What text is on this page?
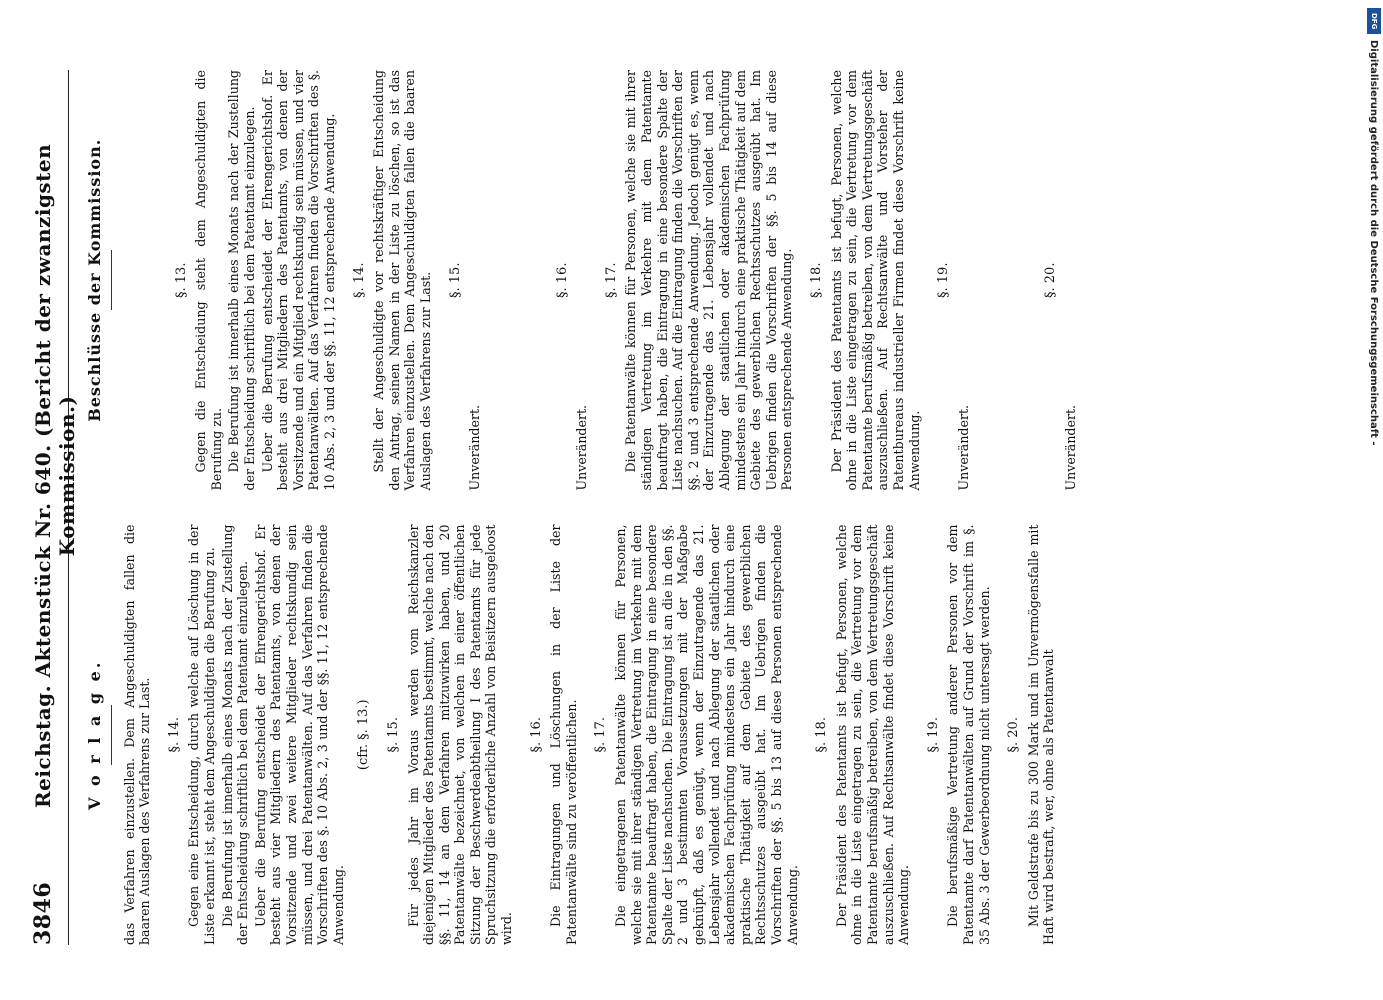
3846
Reichstag. Aktenstück Nr. 640. (Bericht der zwanzigsten Kommission.)
V o r l a g e. das Verfahren einzustellen. Dem Angeschuldigten fallen die baaren Auslagen des Verfahrens zur Last. §. 14. Gegen eine Entscheidung, durch welche auf Löschung in der Liste erkannt ist, steht dem Angeschuldigten die Berufung zu. Die Berufung ist innerhalb eines Monats nach der Zustellung der Entscheidung schriftlich bei dem Patentamt einzulegen. Ueber die Berufung entscheidet der Ehrengerichtshof. Er besteht aus vier Mitgliedern des Patentamts, von denen der Vorsitzende und zwei weitere Mitglieder rechtskundig sein müssen, und drei Patentanwälten. Auf das Verfahren finden die Vorschriften des §. 10 Abs. 2, 3 und der §§. 11, 12 entsprechende Anwendung.

(cfr. §. 13.) §. 15. Für jedes Jahr im Voraus werden vom Reichskanzler diejenigen Mitglieder des Patentamts bestimmt, welche nach den §§. 11, 14 an dem Verfahren mitzuwirken haben, und 20 Patentanwälte bezeichnet, von welchen in einer öffentlichen Sitzung der Beschwerdeabtheilung I des Patentamts für jede Spruchsitzung die erforderliche Anzahl von Beisitzern ausgeloost wird.

§. 16. Die Eintragungen und Löschungen in der Liste der Patentanwälte sind zu veröffentlichen. §. 17. Die eingetragenen Patentanwälte können für Personen, welche sie mit ihrer ständigen Vertretung im Verkehre mit dem Patentamte beauftragt haben, die Eintragung in eine besondere Spalte der Liste nachsuchen. Die Eintragung ist an die in den §§. 2 und 3 bestimmten Voraussetzungen mit der Maßgabe geknüpft, daß es genügt, wenn der Einzutragende das 21. Lebensjahr vollendet und nach Ablegung der staatlichen oder akademischen Fachprüfung mindestens ein Jahr hindurch eine praktische Thätigkeit auf dem Gebiete des gewerblichen Rechtsschutzes ausgeübt hat. Im Uebrigen finden die Vorschriften der §§. 5 bis 13 auf diese Personen entsprechende Anwendung.

§. 18. Der Präsident des Patentamts ist befugt, Personen, welche ohne in die Liste eingetragen zu sein, die Vertretung vor dem Patentamte berufsmäßig betreiben, von dem Vertretungsgeschäft auszuschließen. Auf Rechtsanwälte findet diese Vorschrift keine Anwendung.

§. 19. Die berufsmäßige Vertretung anderer Personen vor dem Patentamte darf Patentanwälten auf Grund der Vorschrift im §. 35 Abs. 3 der Gewerbeordnung nicht untersagt werden. §. 20. Mit Geldstrafe bis zu 300 Mark und im Unvermögensfalle mit Haft wird bestraft, wer, ohne als Patentanwalt

Beschlüsse der Kommission.	§. 13. Gegen die Entscheidung steht dem Angeschuldigten die Berufung zu. Die Berufung ist innerhalb eines Monats nach der Zustellung der Entscheidung schriftlich bei dem Patentamt einzulegen. Ueber die Berufung entscheidet der Ehrengerichtshof. Er besteht aus drei Mitgliedern des Patentamts, von denen der Vorsitzende und ein Mitglied rechtskundig sein müssen, und vier Patentanwälten. Auf das Verfahren finden die Vorschriften des §. 10 Abs. 2, 3 und der §§. 11, 12 entsprechende Anwendung. §. 14. Stellt der Angeschuldigte vor rechtskräftiger Entscheidung den Antrag, seinen Namen in der Liste zu löschen, so ist das Verfahren einzustellen. Dem Angeschuldigten fallen die baaren Auslagen des Verfahrens zur Last. §. 15.

Unverändert.

§. 16.

Unverändert.

§. 17. Die Patentanwälte können für Personen, welche sie mit ihrer ständigen Vertretung im Verkehre mit dem Patentamte beauftragt haben, die Eintragung in eine besondere Spalte der Liste nachsuchen. Auf die Eintragung finden die Vorschriften der §§. 2 und 3 entsprechende Anwendung. Jedoch genügt es, wenn der Einzutragende das 21. Lebensjahr vollendet und nach Ablegung der staatlichen oder akademischen Fachprüfung mindestens ein Jahr hindurch eine praktische Thätigkeit auf dem Gebiete des gewerblichen Rechtsschutzes ausgeübt hat. Im Uebrigen finden die Vorschriften der §§. 5 bis 14 auf diese Personen entsprechende Anwendung. §. 18. Der Präsident des Patentamts ist befugt, Personen, welche ohne in die Liste eingetragen zu sein, die Vertretung vor dem Patentamte berufsmäßig betreiben, von dem Vertretungsgeschäft auszuschließen. Auf Rechtsanwälte und Vorsteher der Patentbureaus industrieller Firmen findet diese Vorschrift keine Anwendung.

§. 19.

Unverändert.

§. 20.

Unverändert.

DFG
Digitalisierung gefördert durch die Deutsche Forschungsgemeinschaft -
